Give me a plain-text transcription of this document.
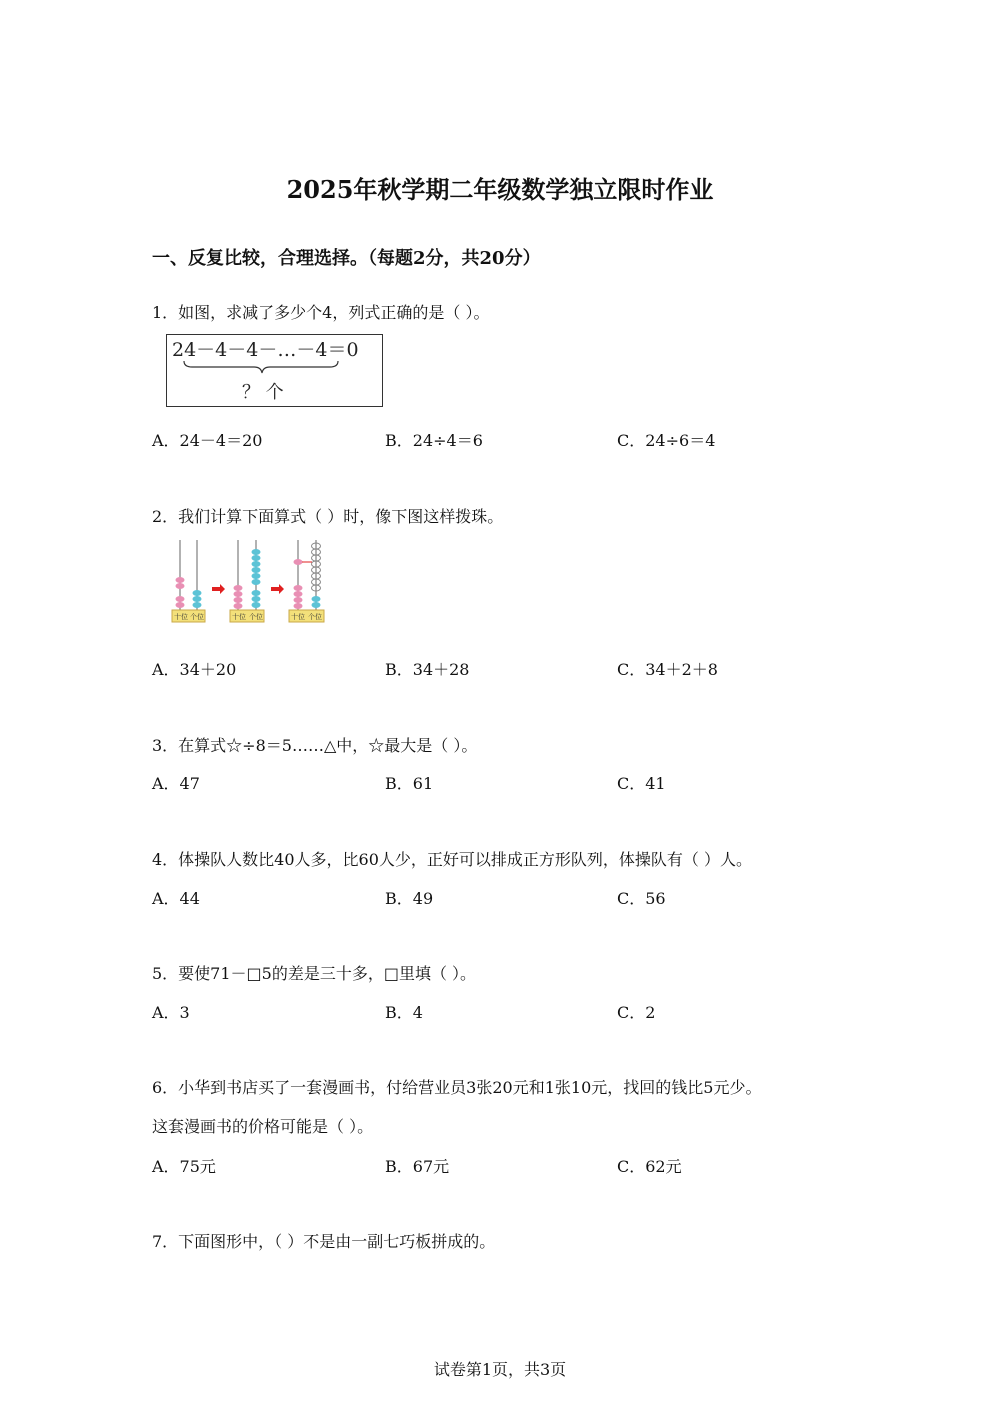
2025年秋学期二年级数学独立限时作业
一、反复比较，合理选择。（每题2分，共20分）
1．如图，求减了多少个4，列式正确的是（ ）。
24－4－4－…－4＝0
？ 个
A．24－4＝20	B．24÷4＝6	C．24÷6＝4
2．我们计算下面算式（ ）时，像下图这样拨珠。
十位 个位	十位 个位	十位 个位
A．34＋20	B．34＋28	C．34＋2＋8
3．在算式☆÷8＝5……△中，☆最大是（ ）。
A．47	B．61	C．41
4．体操队人数比40人多，比60人少，正好可以排成正方形队列，体操队有（ ）人。
A．44	B．49	C．56
5．要使71－□5的差是三十多，□里填（ ）。
A．3	B．4	C．2
6．小华到书店买了一套漫画书，付给营业员3张20元和1张10元，找回的钱比5元少。
这套漫画书的价格可能是（ ）。
A．75元	B．67元	C．62元
7．下面图形中，（ ）不是由一副七巧板拼成的。
试卷第1页，共3页
